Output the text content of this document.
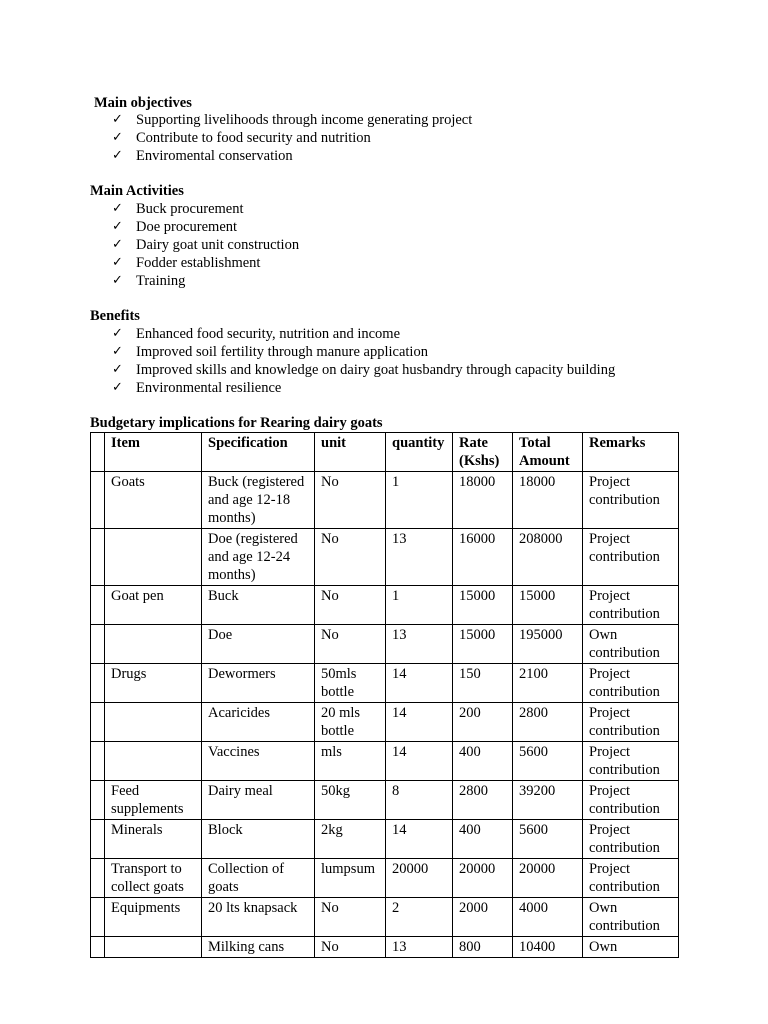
Main objectives
✓ Supporting livelihoods through income generating project
✓ Contribute to food security and nutrition
✓ Enviromental conservation
Main Activities
✓ Buck procurement
✓ Doe procurement
✓ Dairy goat unit construction
✓ Fodder establishment
✓ Training
Benefits
✓ Enhanced food security, nutrition and income
✓ Improved soil fertility through manure application
✓ Improved skills and knowledge on dairy goat husbandry through capacity building
✓ Environmental resilience
Budgetary implications for Rearing dairy goats
	Item	Specification	unit	quantity	Rate (Kshs)	Total Amount	Remarks
	Goats	Buck (registered and age 12-18 months)	No	1	18000	18000	Project contribution
		Doe (registered and age 12-24 months)	No	13	16000	208000	Project contribution
	Goat pen	Buck	No	1	15000	15000	Project contribution
		Doe	No	13	15000	195000	Own contribution
	Drugs	Dewormers	50mls bottle	14	150	2100	Project contribution
		Acaricides	20 mls bottle	14	200	2800	Project contribution
		Vaccines	mls	14	400	5600	Project contribution
	Feed supplements	Dairy meal	50kg	8	2800	39200	Project contribution
	Minerals	Block	2kg	14	400	5600	Project contribution
	Transport to collect goats	Collection of goats	lumpsum	20000	20000	20000	Project contribution
	Equipments	20 lts knapsack	No	2	2000	4000	Own contribution
		Milking cans	No	13	800	10400	Own
